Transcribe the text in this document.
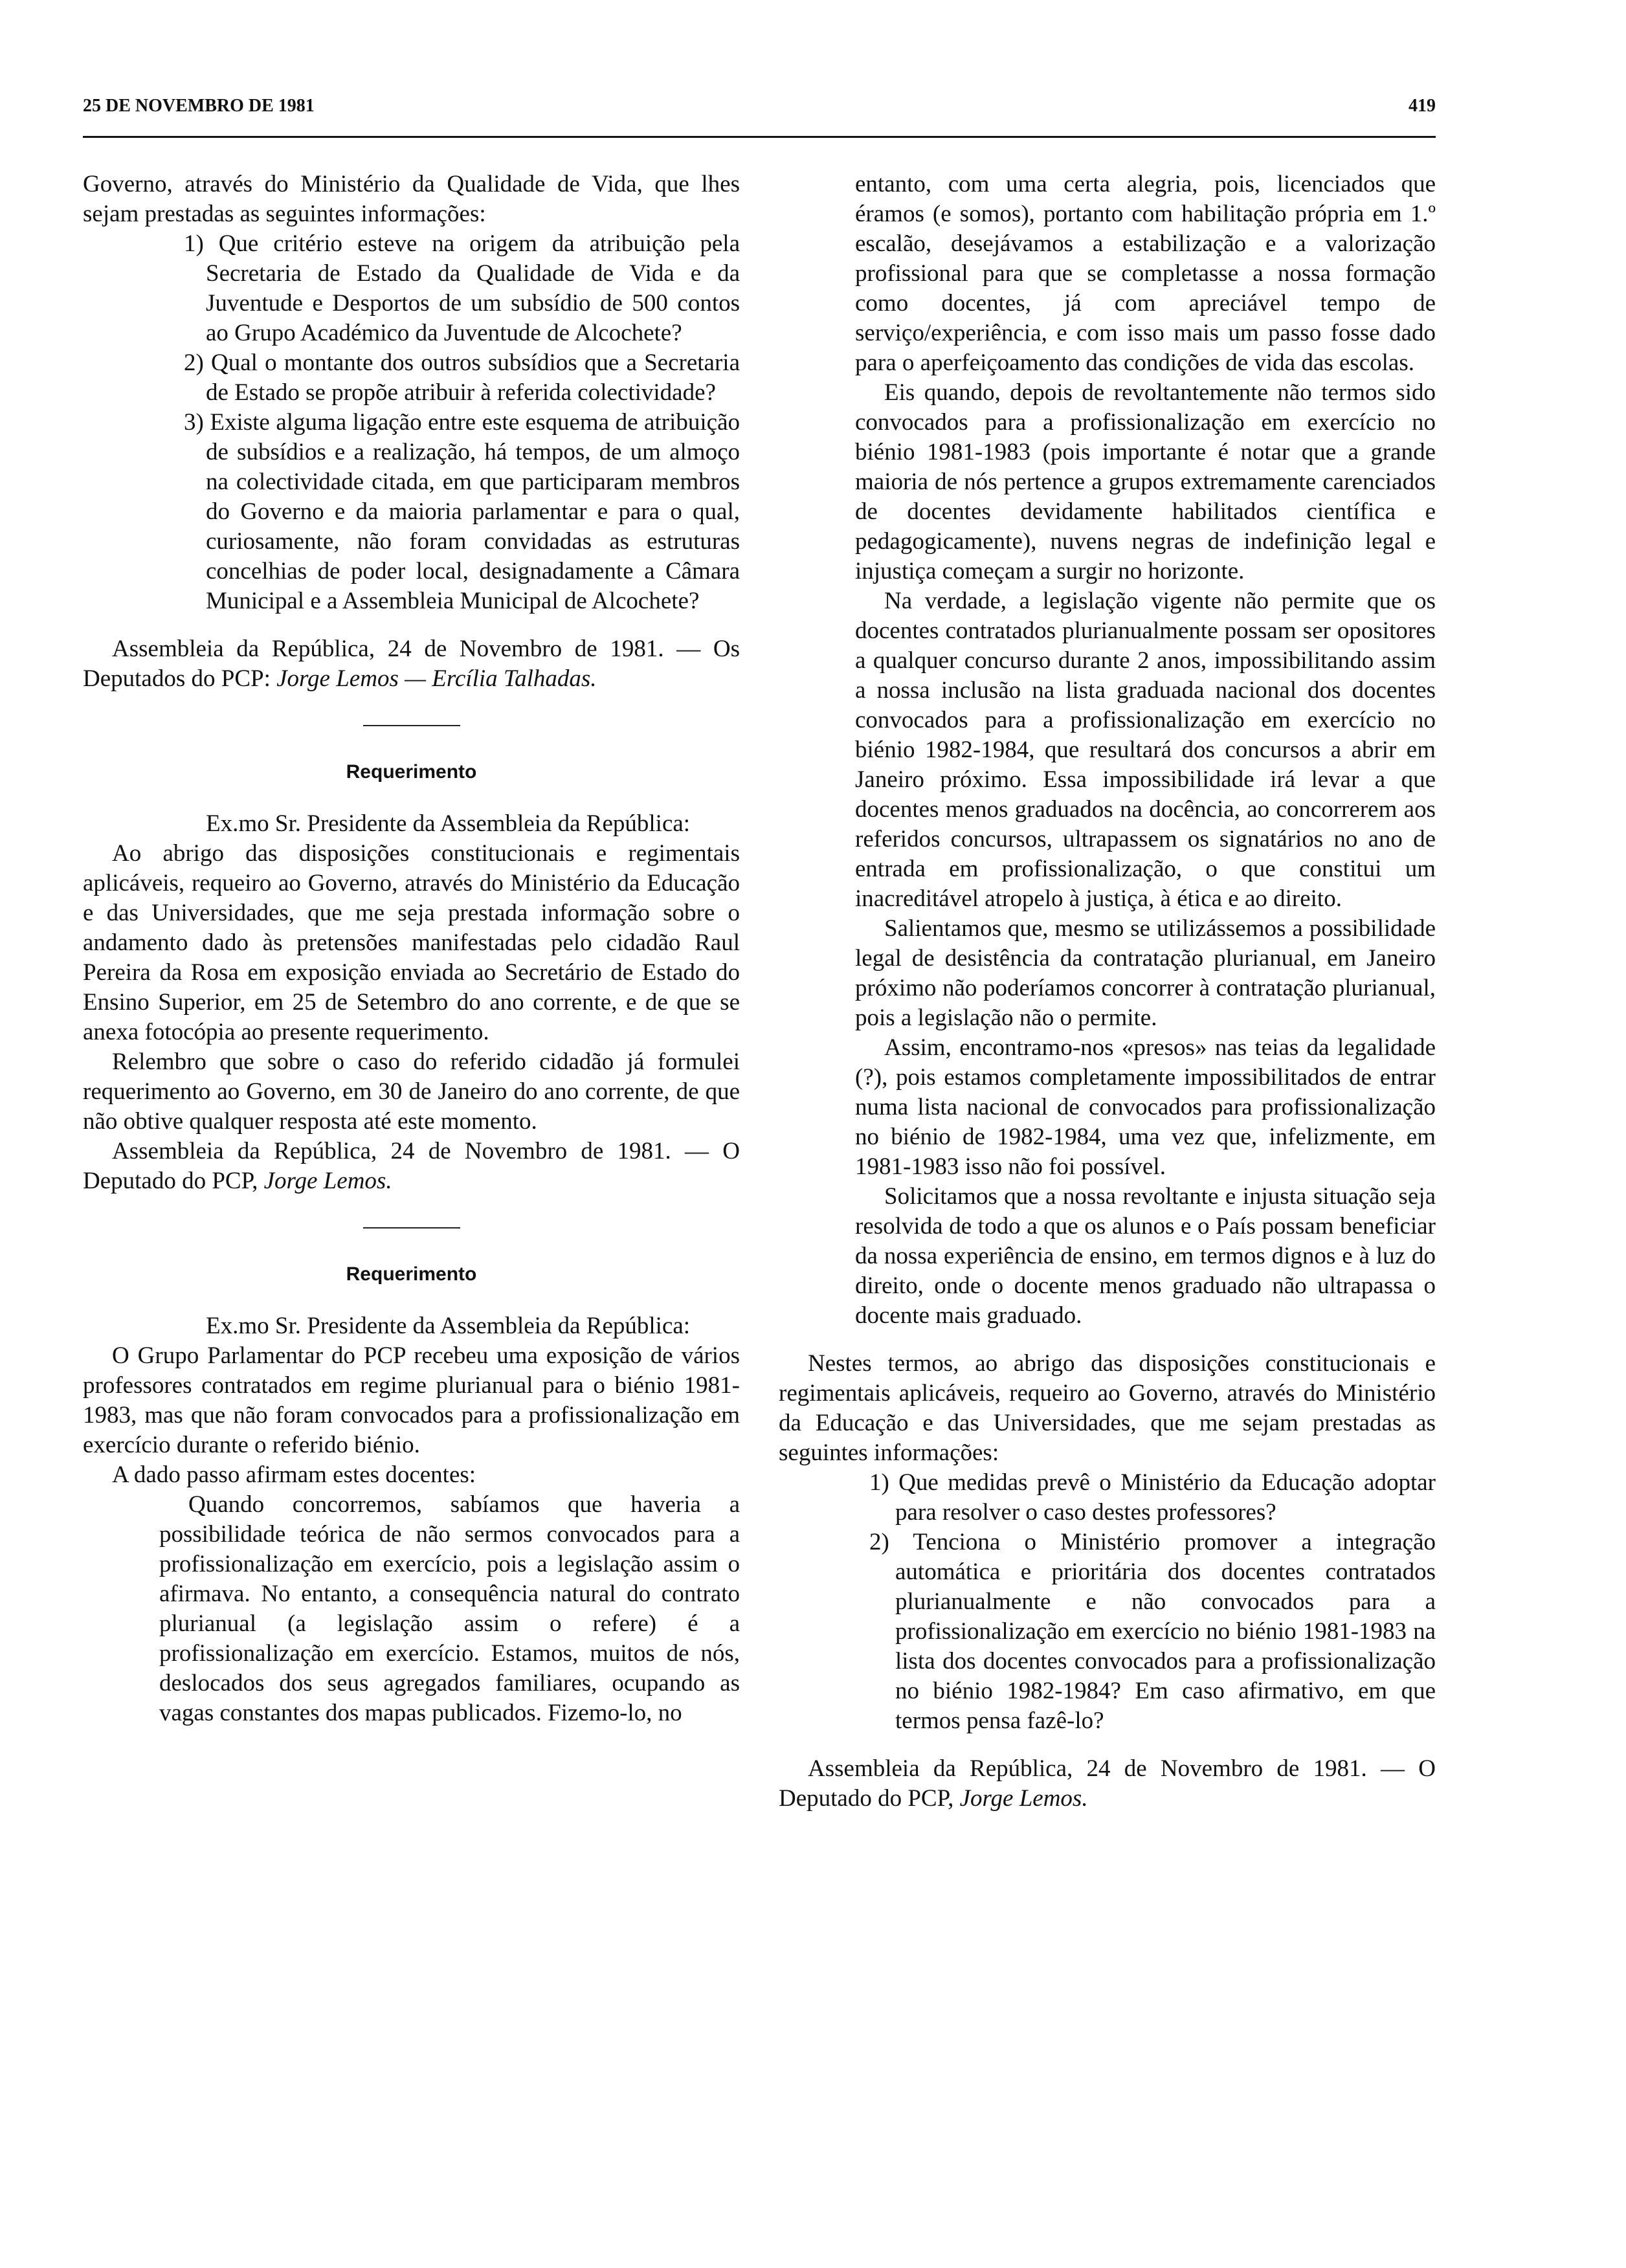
25 DE NOVEMBRO DE 1981	419

Governo, através do Ministério da Qualidade de Vida, que lhes sejam prestadas as seguintes informações:

1) Que critério esteve na origem da atribuição pela Secretaria de Estado da Qualidade de Vida e da Juventude e Desportos de um subsídio de 500 contos ao Grupo Académico da Juventude de Alcochete?
2) Qual o montante dos outros subsídios que a Secretaria de Estado se propõe atribuir à referida colectividade?
3) Existe alguma ligação entre este esquema de atribuição de subsídios e a realização, há tempos, de um almoço na colectividade citada, em que participaram membros do Governo e da maioria parlamentar e para o qual, curiosamente, não foram convidadas as estruturas concelhias de poder local, designadamente a Câmara Municipal e a Assembleia Municipal de Alcochete?

Assembleia da República, 24 de Novembro de 1981. — Os Deputados do PCP: Jorge Lemos — Ercília Talhadas.

Requerimento

Ex.mo Sr. Presidente da Assembleia da República:

Ao abrigo das disposições constitucionais e regimentais aplicáveis, requeiro ao Governo, através do Ministério da Educação e das Universidades, que me seja prestada informação sobre o andamento dado às pretensões manifestadas pelo cidadão Raul Pereira da Rosa em exposição enviada ao Secretário de Estado do Ensino Superior, em 25 de Setembro do ano corrente, e de que se anexa fotocópia ao presente requerimento.

Relembro que sobre o caso do referido cidadão já formulei requerimento ao Governo, em 30 de Janeiro do ano corrente, de que não obtive qualquer resposta até este momento.

Assembleia da República, 24 de Novembro de 1981. — O Deputado do PCP, Jorge Lemos.

Requerimento

Ex.mo Sr. Presidente da Assembleia da República:

O Grupo Parlamentar do PCP recebeu uma exposição de vários professores contratados em regime plurianual para o biénio 1981-1983, mas que não foram convocados para a profissionalização em exercício durante o referido biénio.

A dado passo afirmam estes docentes:

Quando concorremos, sabíamos que haveria a possibilidade teórica de não sermos convocados para a profissionalização em exercício, pois a legislação assim o afirmava. No entanto, a consequência natural do contrato plurianual (a legislação assim o refere) é a profissionalização em exercício. Estamos, muitos de nós, deslocados dos seus agregados familiares, ocupando as vagas constantes dos mapas publicados. Fizemo-lo, no

entanto, com uma certa alegria, pois, licenciados que éramos (e somos), portanto com habilitação própria em 1.º escalão, desejávamos a estabilização e a valorização profissional para que se completasse a nossa formação como docentes, já com apreciável tempo de serviço/experiência, e com isso mais um passo fosse dado para o aperfeiçoamento das condições de vida das escolas.

Eis quando, depois de revoltantemente não termos sido convocados para a profissionalização em exercício no biénio 1981-1983 (pois importante é notar que a grande maioria de nós pertence a grupos extremamente carenciados de docentes devidamente habilitados científica e pedagogicamente), nuvens negras de indefinição legal e injustiça começam a surgir no horizonte.

Na verdade, a legislação vigente não permite que os docentes contratados plurianualmente possam ser opositores a qualquer concurso durante 2 anos, impossibilitando assim a nossa inclusão na lista graduada nacional dos docentes convocados para a profissionalização em exercício no biénio 1982-1984, que resultará dos concursos a abrir em Janeiro próximo. Essa impossibilidade irá levar a que docentes menos graduados na docência, ao concorrerem aos referidos concursos, ultrapassem os signatários no ano de entrada em profissionalização, o que constitui um inacreditável atropelo à justiça, à ética e ao direito.

Salientamos que, mesmo se utilizássemos a possibilidade legal de desistência da contratação plurianual, em Janeiro próximo não poderíamos concorrer à contratação plurianual, pois a legislação não o permite.

Assim, encontramo-nos «presos» nas teias da legalidade (?), pois estamos completamente impossibilitados de entrar numa lista nacional de convocados para profissionalização no biénio de 1982-1984, uma vez que, infelizmente, em 1981-1983 isso não foi possível.

Solicitamos que a nossa revoltante e injusta situação seja resolvida de todo a que os alunos e o País possam beneficiar da nossa experiência de ensino, em termos dignos e à luz do direito, onde o docente menos graduado não ultrapassa o docente mais graduado.

Nestes termos, ao abrigo das disposições constitucionais e regimentais aplicáveis, requeiro ao Governo, através do Ministério da Educação e das Universidades, que me sejam prestadas as seguintes informações:

1) Que medidas prevê o Ministério da Educação adoptar para resolver o caso destes professores?
2) Tenciona o Ministério promover a integração automática e prioritária dos docentes contratados plurianualmente e não convocados para a profissionalização em exercício no biénio 1981-1983 na lista dos docentes convocados para a profissionalização no biénio 1982-1984? Em caso afirmativo, em que termos pensa fazê-lo?

Assembleia da República, 24 de Novembro de 1981. — O Deputado do PCP, Jorge Lemos.
